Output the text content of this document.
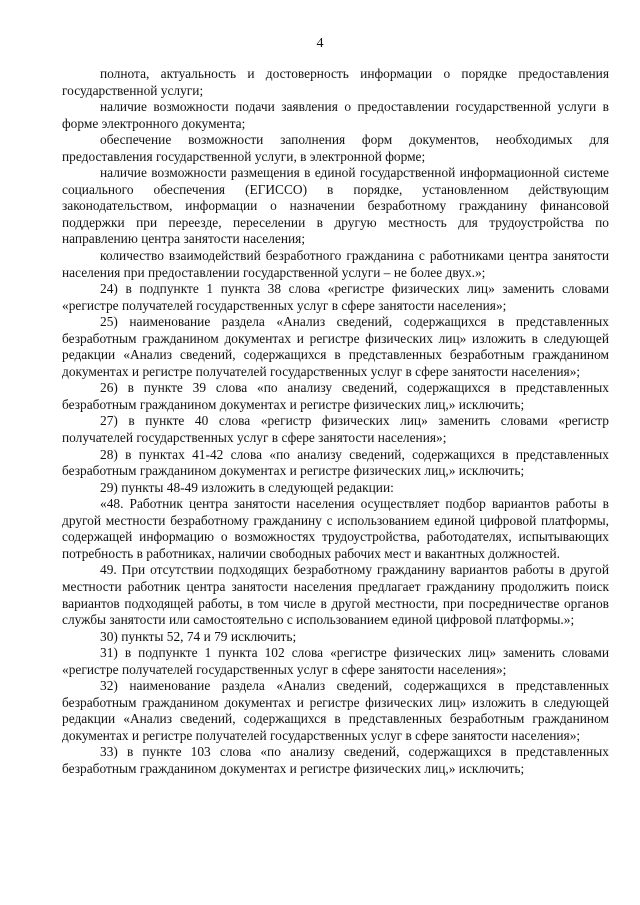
4

полнота, актуальность и достоверность информации о порядке предоставления государственной услуги;

наличие возможности подачи заявления о предоставлении государственной услуги в форме электронного документа;

обеспечение возможности заполнения форм документов, необходимых для предоставления государственной услуги, в электронной форме;

наличие возможности размещения в единой государственной информационной системе социального обеспечения (ЕГИССО) в порядке, установленном действующим законодательством, информации о назначении безработному гражданину финансовой поддержки при переезде, переселении в другую местность для трудоустройства по направлению центра занятости населения;

количество взаимодействий безработного гражданина с работниками центра занятости населения при предоставлении государственной услуги – не более двух.»;

24) в подпункте 1 пункта 38 слова «регистре физических лиц» заменить словами «регистре получателей государственных услуг в сфере занятости населения»;

25) наименование раздела «Анализ сведений, содержащихся в представленных безработным гражданином документах и регистре физических лиц» изложить в следующей редакции «Анализ сведений, содержащихся в представленных безработным гражданином документах и регистре получателей государственных услуг в сфере занятости населения»;

26) в пункте 39 слова «по анализу сведений, содержащихся в представленных безработным гражданином документах и регистре физических лиц,» исключить;

27) в пункте 40 слова «регистр физических лиц» заменить словами «регистр получателей государственных услуг в сфере занятости населения»;

28) в пунктах 41-42 слова «по анализу сведений, содержащихся в представленных безработным гражданином документах и регистре физических лиц,» исключить;

29) пункты 48-49 изложить в следующей редакции:

«48. Работник центра занятости населения осуществляет подбор вариантов работы в другой местности безработному гражданину с использованием единой цифровой платформы, содержащей информацию о возможностях трудоустройства, работодателях, испытывающих потребность в работниках, наличии свободных рабочих мест и вакантных должностей.

49. При отсутствии подходящих безработному гражданину вариантов работы в другой местности работник центра занятости населения предлагает гражданину продолжить поиск вариантов подходящей работы, в том числе в другой местности, при посредничестве органов службы занятости или самостоятельно с использованием единой цифровой платформы.»;

30) пункты 52, 74 и 79 исключить;

31) в подпункте 1 пункта 102 слова «регистре физических лиц» заменить словами «регистре получателей государственных услуг в сфере занятости населения»;

32) наименование раздела «Анализ сведений, содержащихся в представленных безработным гражданином документах и регистре физических лиц» изложить в следующей редакции «Анализ сведений, содержащихся в представленных безработным гражданином документах и регистре получателей государственных услуг в сфере занятости населения»;

33) в пункте 103 слова «по анализу сведений, содержащихся в представленных безработным гражданином документах и регистре физических лиц,» исключить;
